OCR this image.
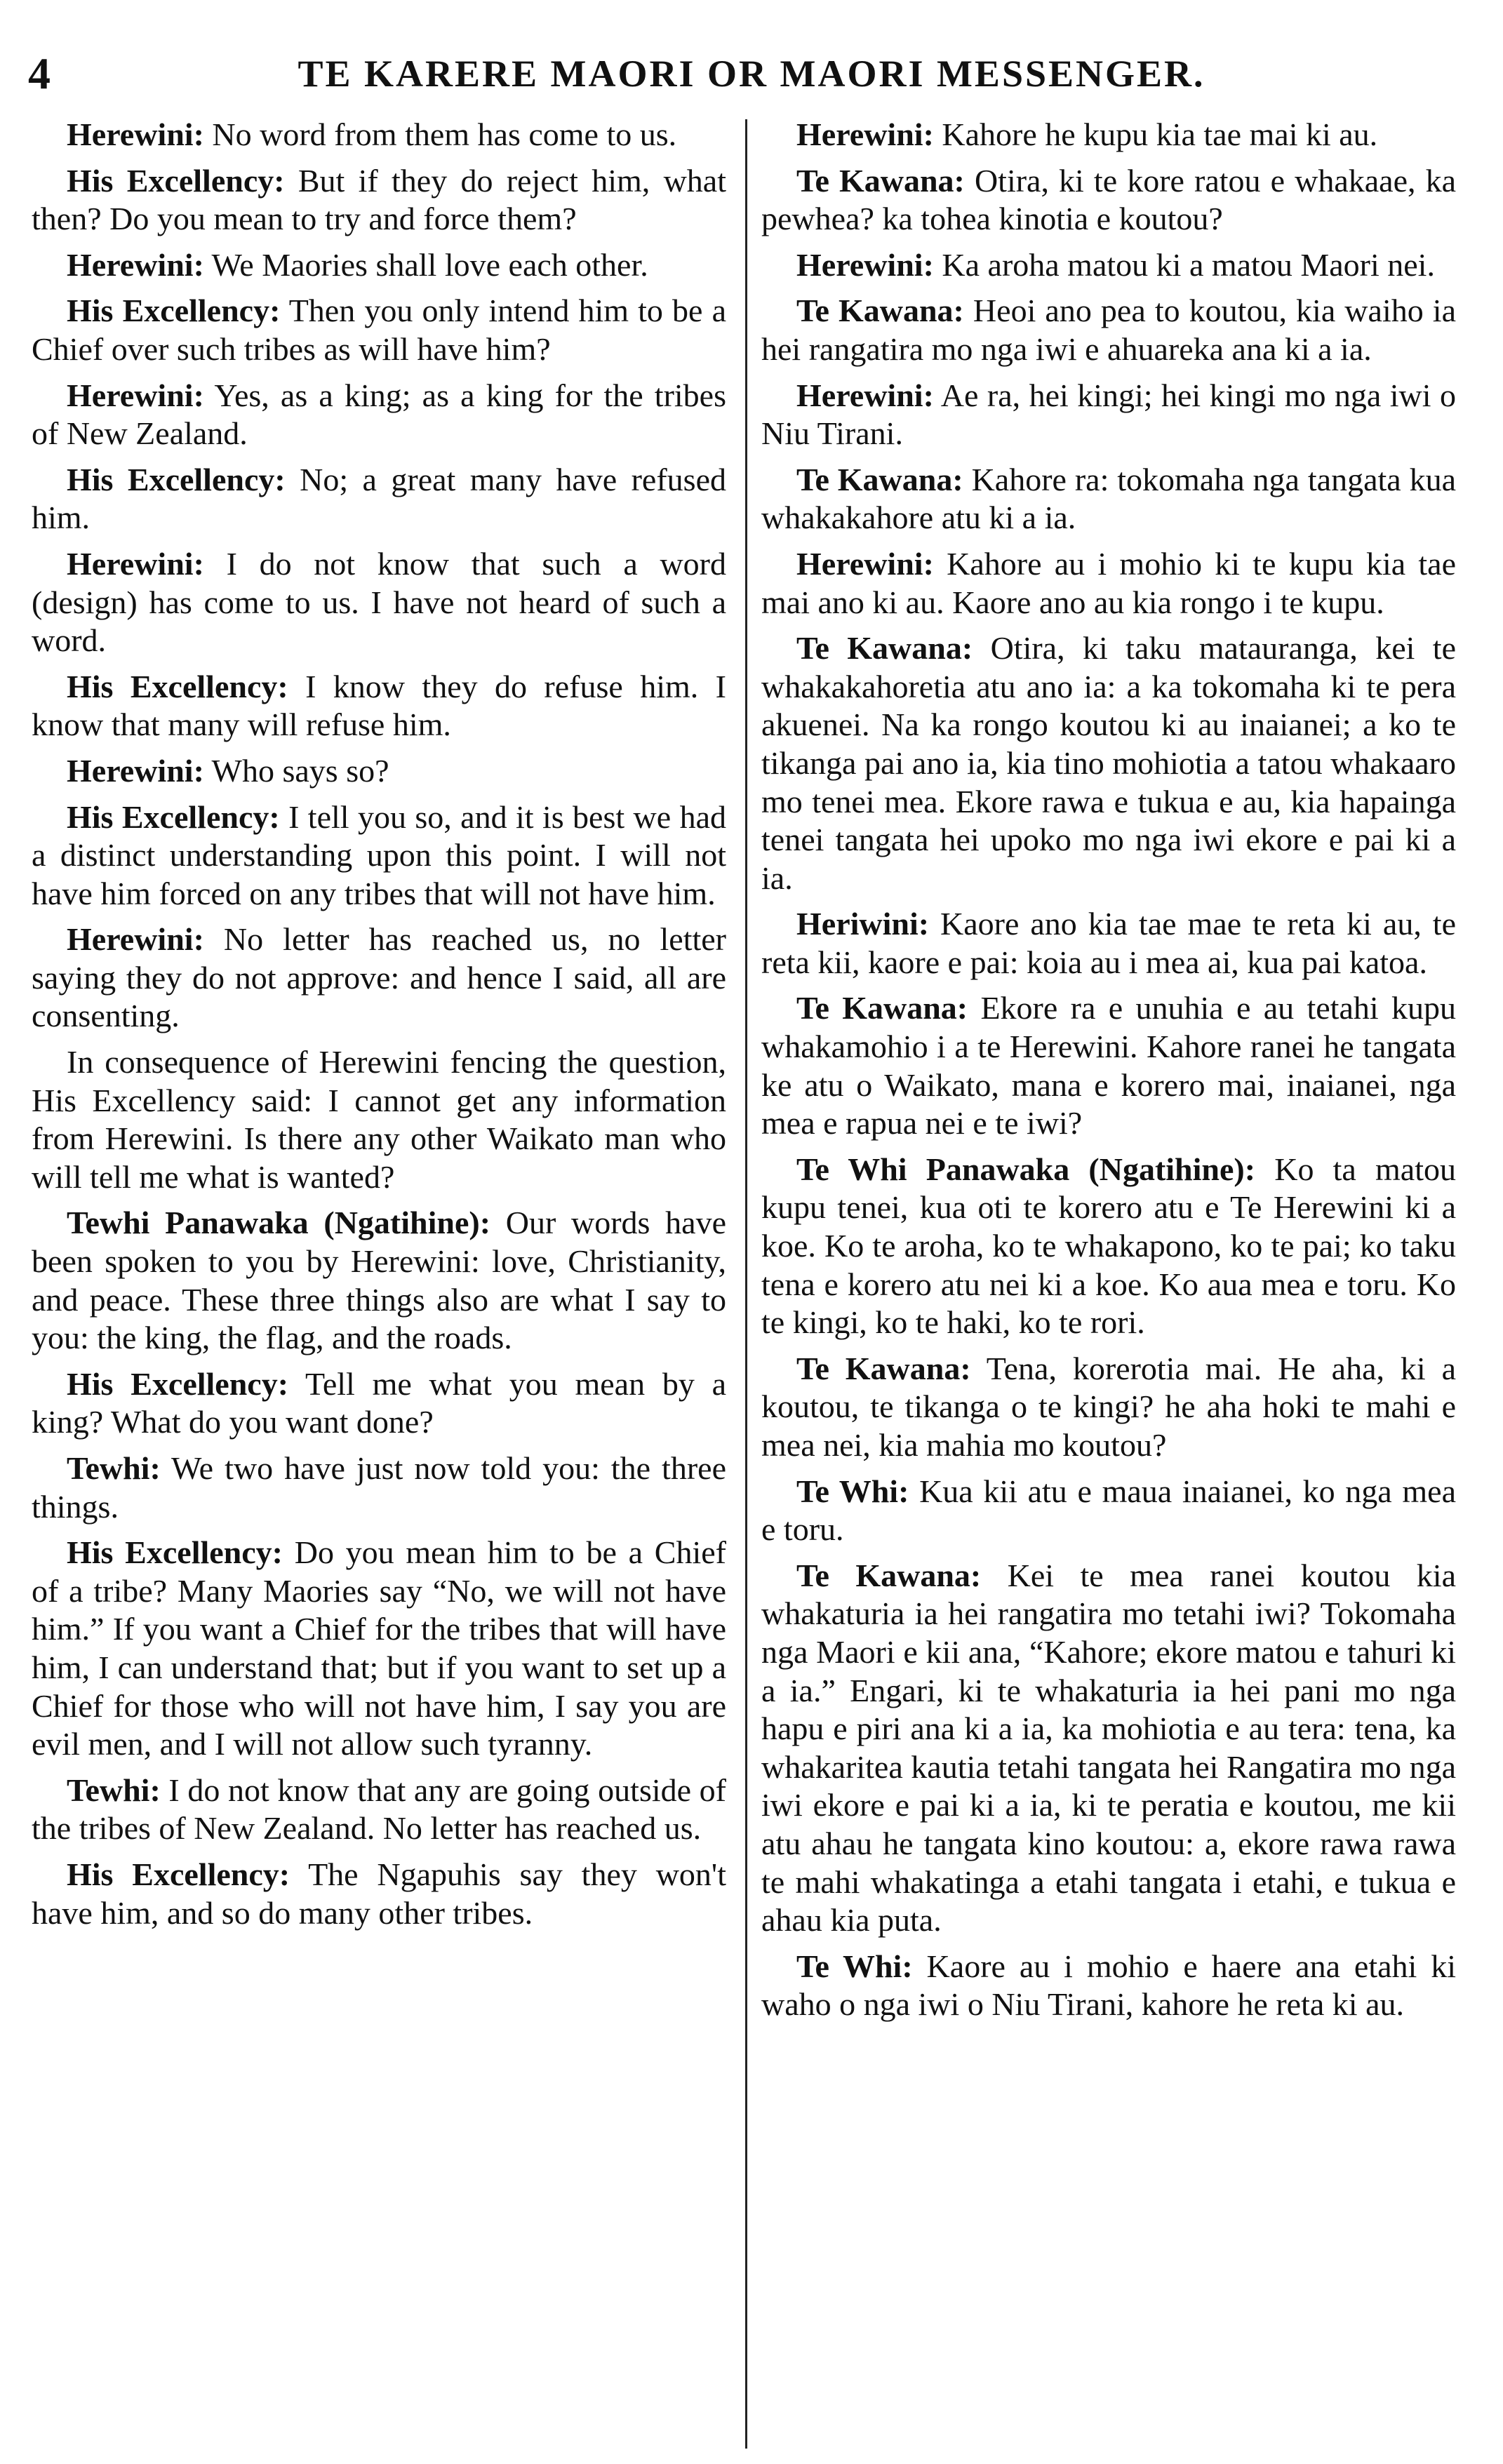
4	TE KARERE MAORI OR MAORI MESSENGER.

Herewini: No word from them has come to us.

His Excellency: But if they do reject him, what then? Do you mean to try and force them?

Herewini: We Maories shall love each other.

His Excellency: Then you only intend him to be a Chief over such tribes as will have him?

Herewini: Yes, as a king; as a king for the tribes of New Zealand.

His Excellency: No; a great many have refused him.

Herewini: I do not know that such a word (design) has come to us. I have not heard of such a word.

His Excellency: I know they do refuse him. I know that many will refuse him.

Herewini: Who says so?

His Excellency: I tell you so, and it is best we had a distinct understanding upon this point. I will not have him forced on any tribes that will not have him.

Herewini: No letter has reached us, no letter saying they do not approve: and hence I said, all are consenting.

In consequence of Herewini fencing the question, His Excellency said: I cannot get any information from Herewini. Is there any other Waikato man who will tell me what is wanted?

Tewhi Panawaka (Ngatihine): Our words have been spoken to you by Herewini: love, Christianity, and peace. These three things also are what I say to you: the king, the flag, and the roads.

His Excellency: Tell me what you mean by a king? What do you want done?

Tewhi: We two have just now told you: the three things.

His Excellency: Do you mean him to be a Chief of a tribe? Many Maories say “No, we will not have him.” If you want a Chief for the tribes that will have him, I can understand that; but if you want to set up a Chief for those who will not have him, I say you are evil men, and I will not allow such tyranny.

Tewhi: I do not know that any are going outside of the tribes of New Zealand. No letter has reached us.

His Excellency: The Ngapuhis say they won't have him, and so do many other tribes.

Herewini: Kahore he kupu kia tae mai ki au.

Te Kawana: Otira, ki te kore ratou e whakaae, ka pewhea? ka tohea kinotia e koutou?

Herewini: Ka aroha matou ki a matou Maori nei.

Te Kawana: Heoi ano pea to koutou, kia waiho ia hei rangatira mo nga iwi e ahuareka ana ki a ia.

Herewini: Ae ra, hei kingi; hei kingi mo nga iwi o Niu Tirani.

Te Kawana: Kahore ra: tokomaha nga tangata kua whakakahore atu ki a ia.

Herewini: Kahore au i mohio ki te kupu kia tae mai ano ki au. Kaore ano au kia rongo i te kupu.

Te Kawana: Otira, ki taku matauranga, kei te whakakahoretia atu ano ia: a ka tokomaha ki te pera akuenei. Na ka rongo koutou ki au inaianei; a ko te tikanga pai ano ia, kia tino mohiotia a tatou whakaaro mo tenei mea. Ekore rawa e tukua e au, kia hapainga tenei tangata hei upoko mo nga iwi ekore e pai ki a ia.

Heriwini: Kaore ano kia tae mae te reta ki au, te reta kii, kaore e pai: koia au i mea ai, kua pai katoa.

Te Kawana: Ekore ra e unuhia e au tetahi kupu whakamohio i a te Herewini. Kahore ranei he tangata ke atu o Waikato, mana e korero mai, inaianei, nga mea e rapua nei e te iwi?

Te Whi Panawaka (Ngatihine): Ko ta matou kupu tenei, kua oti te korero atu e Te Herewini ki a koe. Ko te aroha, ko te whakapono, ko te pai; ko taku tena e korero atu nei ki a koe. Ko aua mea e toru. Ko te kingi, ko te haki, ko te rori.

Te Kawana: Tena, korerotia mai. He aha, ki a koutou, te tikanga o te kingi? he aha hoki te mahi e mea nei, kia mahia mo koutou?

Te Whi: Kua kii atu e maua inaianei, ko nga mea e toru.

Te Kawana: Kei te mea ranei koutou kia whakaturia ia hei rangatira mo tetahi iwi? Tokomaha nga Maori e kii ana, “Kahore; ekore matou e tahuri ki a ia.” Engari, ki te whakaturia ia hei pani mo nga hapu e piri ana ki a ia, ka mohiotia e au tera: tena, ka whakaritea kautia tetahi tangata hei Rangatira mo nga iwi ekore e pai ki a ia, ki te peratia e koutou, me kii atu ahau he tangata kino koutou: a, ekore rawa rawa te mahi whakatinga a etahi tangata i etahi, e tukua e ahau kia puta.

Te Whi: Kaore au i mohio e haere ana etahi ki waho o nga iwi o Niu Tirani, kahore he reta ki au.
